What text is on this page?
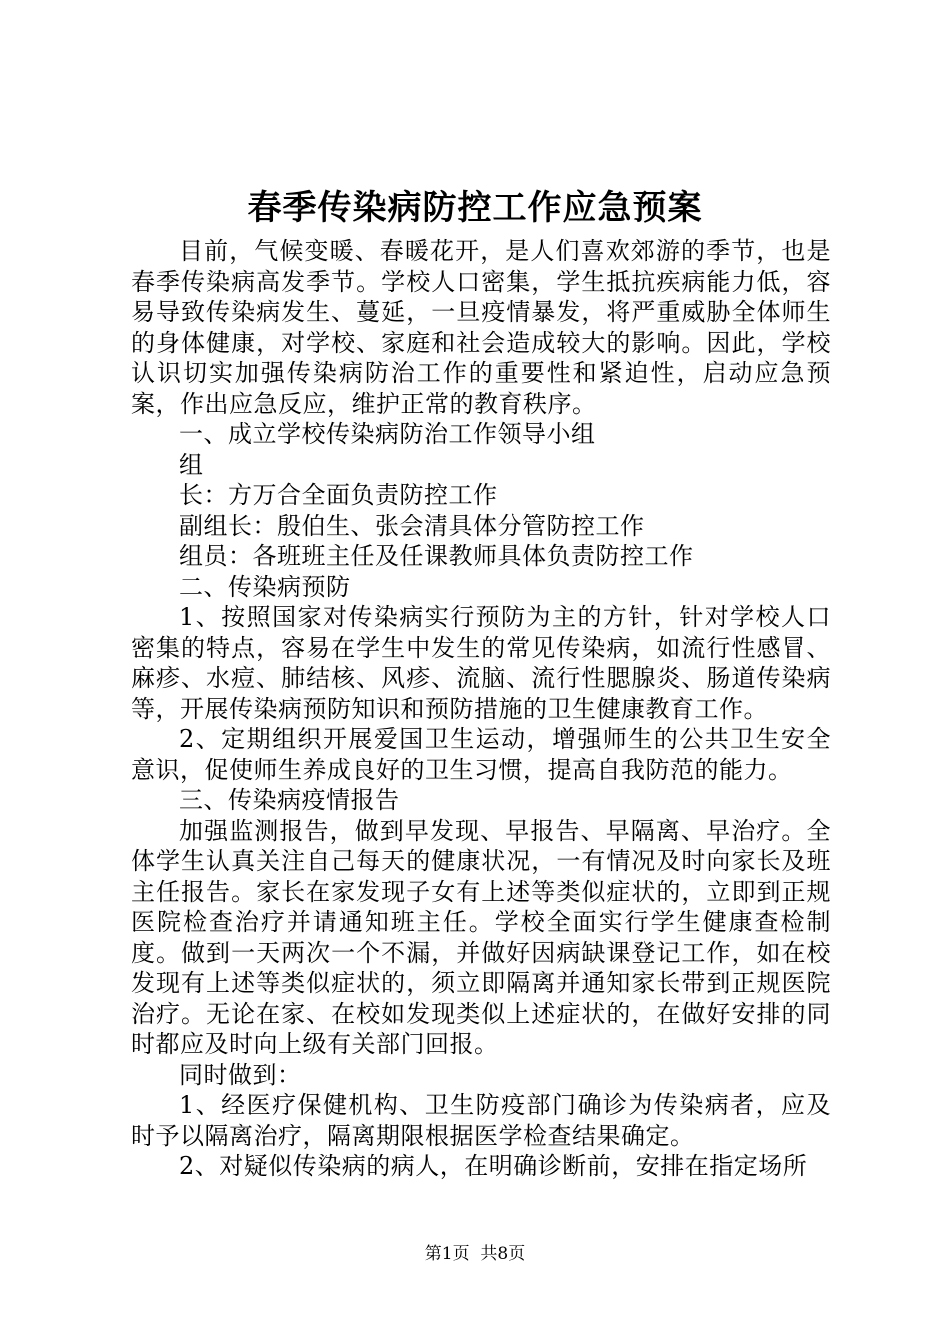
春季传染病防控工作应急预案

目前，气候变暖、春暖花开，是人们喜欢郊游的季节，也是春季传染病高发季节。学校人口密集，学生抵抗疾病能力低，容易导致传染病发生、蔓延，一旦疫情暴发，将严重威胁全体师生的身体健康，对学校、家庭和社会造成较大的影响。因此，学校认识切实加强传染病防治工作的重要性和紧迫性，启动应急预案，作出应急反应，维护正常的教育秩序。

一、成立学校传染病防治工作领导小组

组

长：方万合全面负责防控工作

副组长：殷伯生、张会清具体分管防控工作

组员：各班班主任及任课教师具体负责防控工作

二、传染病预防

1、按照国家对传染病实行预防为主的方针，针对学校人口密集的特点，容易在学生中发生的常见传染病，如流行性感冒、麻疹、水痘、肺结核、风疹、流脑、流行性腮腺炎、肠道传染病等，开展传染病预防知识和预防措施的卫生健康教育工作。

2、定期组织开展爱国卫生运动，增强师生的公共卫生安全意识，促使师生养成良好的卫生习惯，提高自我防范的能力。

三、传染病疫情报告

加强监测报告，做到早发现、早报告、早隔离、早治疗。全体学生认真关注自己每天的健康状况，一有情况及时向家长及班主任报告。家长在家发现子女有上述等类似症状的，立即到正规医院检查治疗并请通知班主任。学校全面实行学生健康查检制度。做到一天两次一个不漏，并做好因病缺课登记工作，如在校发现有上述等类似症状的，须立即隔离并通知家长带到正规医院治疗。无论在家、在校如发现类似上述症状的，在做好安排的同时都应及时向上级有关部门回报。

同时做到：

1、经医疗保健机构、卫生防疫部门确诊为传染病者，应及时予以隔离治疗，隔离期限根据医学检查结果确定。

2、对疑似传染病的病人，在明确诊断前，安排在指定场所

第1页 共8页
